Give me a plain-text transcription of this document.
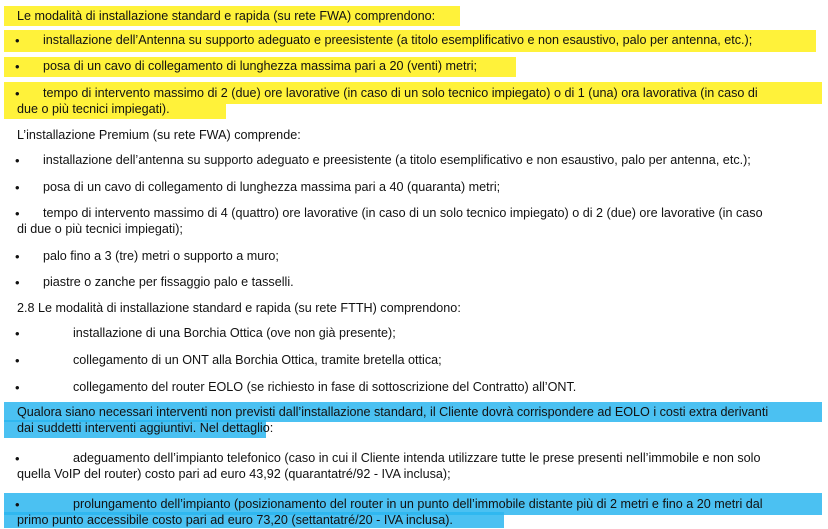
Le modalità di installazione standard e rapida (su rete FWA) comprendono:
• installazione dell’Antenna su supporto adeguato e preesistente (a titolo esemplificativo e non esaustivo, palo per antenna, etc.);
• posa di un cavo di collegamento di lunghezza massima pari a 20 (venti) metri;
• tempo di intervento massimo di 2 (due) ore lavorative (in caso di un solo tecnico impiegato) o di 1 (una) ora lavorativa (in caso di
due o più tecnici impiegati).
L’installazione Premium (su rete FWA) comprende:
• installazione dell’antenna su supporto adeguato e preesistente (a titolo esemplificativo e non esaustivo, palo per antenna, etc.);
• posa di un cavo di collegamento di lunghezza massima pari a 40 (quaranta) metri;
• tempo di intervento massimo di 4 (quattro) ore lavorative (in caso di un solo tecnico impiegato) o di 2 (due) ore lavorative (in caso
di due o più tecnici impiegati);
• palo fino a 3 (tre) metri o supporto a muro;
• piastre o zanche per fissaggio palo e tasselli.
2.8 Le modalità di installazione standard e rapida (su rete FTTH) comprendono:
•	installazione di una Borchia Ottica (ove non già presente);
•	collegamento di un ONT alla Borchia Ottica, tramite bretella ottica;
•	collegamento del router EOLO (se richiesto in fase di sottoscrizione del Contratto) all’ONT.
Qualora siano necessari interventi non previsti dall’installazione standard, il Cliente dovrà corrispondere ad EOLO i costi extra derivanti
dai suddetti interventi aggiuntivi. Nel dettaglio:
•	adeguamento dell’impianto telefonico (caso in cui il Cliente intenda utilizzare tutte le prese presenti nell’immobile e non solo
quella VoIP del router) costo pari ad euro 43,92 (quarantatré/92 - IVA inclusa);
•	prolungamento dell’impianto (posizionamento del router in un punto dell’immobile distante più di 2 metri e fino a 20 metri dal
primo punto accessibile costo pari ad euro 73,20 (settantatré/20 - IVA inclusa).
